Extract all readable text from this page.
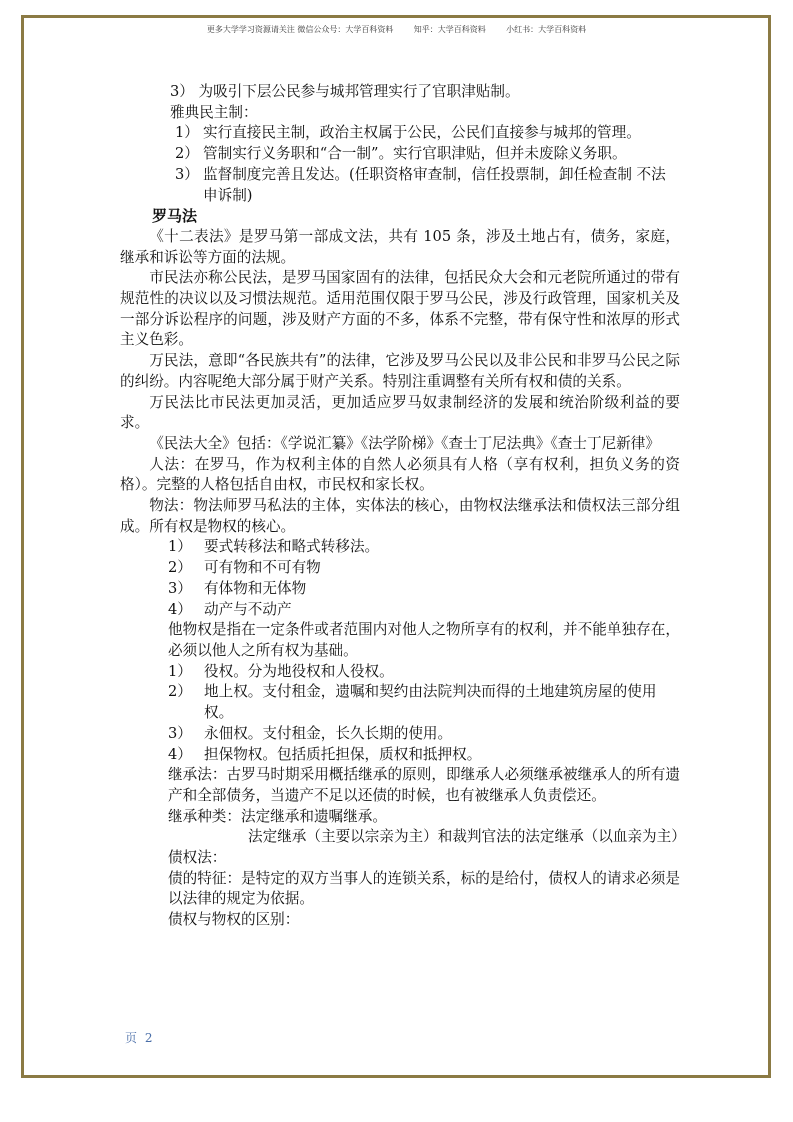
更多大学学习资源请关注 微信公众号：大学百科资料        知乎：大学百科资料        小红书：大学百科资料

3） 为吸引下层公民参与城邦管理实行了官职津贴制。

雅典民主制：

1） 实行直接民主制，政治主权属于公民，公民们直接参与城邦的管理。
2） 管制实行义务职和“合一制”。实行官职津贴，但并未废除义务职。
3） 监督制度完善且发达。(任职资格审查制，信任投票制，卸任检查制 不法申诉制)

罗马法

《十二表法》是罗马第一部成文法，共有 105 条，涉及土地占有，债务，家庭，继承和诉讼等方面的法规。

市民法亦称公民法，是罗马国家固有的法律，包括民众大会和元老院所通过的带有规范性的决议以及习惯法规范。适用范围仅限于罗马公民，涉及行政管理，国家机关及一部分诉讼程序的问题，涉及财产方面的不多，体系不完整，带有保守性和浓厚的形式主义色彩。

万民法，意即“各民族共有”的法律，它涉及罗马公民以及非公民和非罗马公民之际的纠纷。内容呢绝大部分属于财产关系。特别注重调整有关所有权和债的关系。

万民法比市民法更加灵活，更加适应罗马奴隶制经济的发展和统治阶级利益的要求。

《民法大全》包括：《学说汇纂》《法学阶梯》《查士丁尼法典》《查士丁尼新律》

人法：在罗马，作为权利主体的自然人必须具有人格（享有权利，担负义务的资格）。完整的人格包括自由权，市民权和家长权。

物法：物法师罗马私法的主体，实体法的核心，由物权法继承法和债权法三部分组成。所有权是物权的核心。

1） 要式转移法和略式转移法。
2） 可有物和不可有物
3） 有体物和无体物
4） 动产与不动产

他物权是指在一定条件或者范围内对他人之物所享有的权利，并不能单独存在，必须以他人之所有权为基础。

1） 役权。分为地役权和人役权。
2） 地上权。支付租金，遗嘱和契约由法院判决而得的土地建筑房屋的使用权。
3） 永佃权。支付租金，长久长期的使用。
4） 担保物权。包括质托担保，质权和抵押权。

继承法：古罗马时期采用概括继承的原则，即继承人必须继承被继承人的所有遗产和全部债务，当遗产不足以还债的时候，也有被继承人负责偿还。

继承种类：法定继承和遗嘱继承。

法定继承（主要以宗亲为主）和裁判官法的法定继承（以血亲为主）

债权法：

债的特征：是特定的双方当事人的连锁关系，标的是给付，债权人的请求必须是以法律的规定为依据。

债权与物权的区别：

页 2
